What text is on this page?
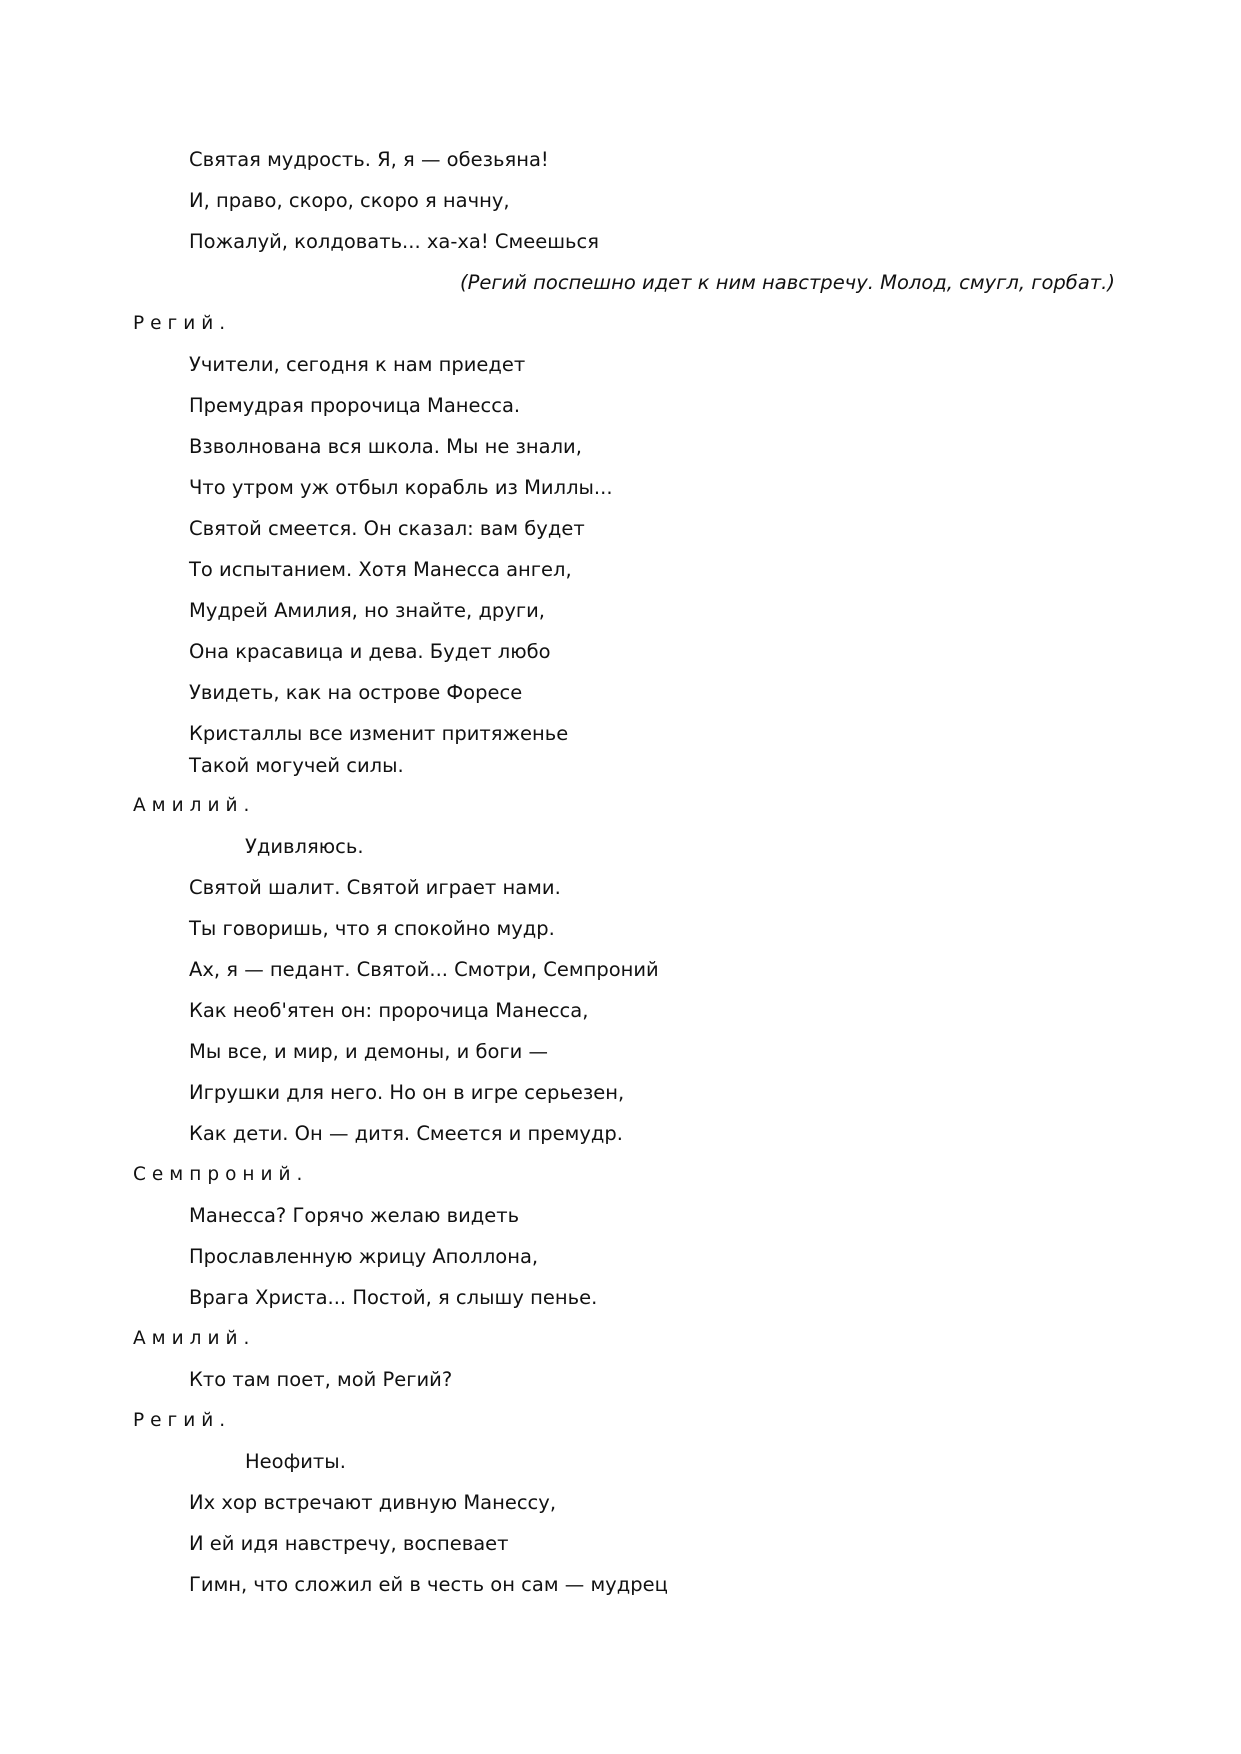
Святая мудрость. Я, я — обезьяна!
И, право, скоро, скоро я начну,
Пожалуй, колдовать... ха-ха! Смеешься
(Регий поспешно идет к ним навстречу. Молод, смугл, горбат.)
Регий.
Учители, сегодня к нам приедет
Премудрая пророчица Манесса.
Взволнована вся школа. Мы не знали,
Что утром уж отбыл корабль из Миллы...
Святой смеется. Он сказал: вам будет
То испытанием. Хотя Манесса ангел,
Мудрей Амилия, но знайте, други,
Она красавица и дева. Будет любо
Увидеть, как на острове Форесе
Кристаллы все изменит притяженье
Такой могучей силы.
Амилий.
Удивляюсь.
Святой шалит. Святой играет нами.
Ты говоришь, что я спокойно мудр.
Ах, я — педант. Святой... Смотри, Семпроний
Как необ'ятен он: пророчица Манесса,
Мы все, и мир, и демоны, и боги —
Игрушки для него. Но он в игре серьезен,
Как дети. Он — дитя. Смеется и премудр.
Семпроний.
Манесса? Горячо желаю видеть
Прославленную жрицу Аполлона,
Врага Христа... Постой, я слышу пенье.
Амилий.
Кто там поет, мой Регий?
Регий.
Неофиты.
Их хор встречают дивную Манессу,
И ей идя навстречу, воспевает
Гимн, что сложил ей в честь он сам — мудрец
